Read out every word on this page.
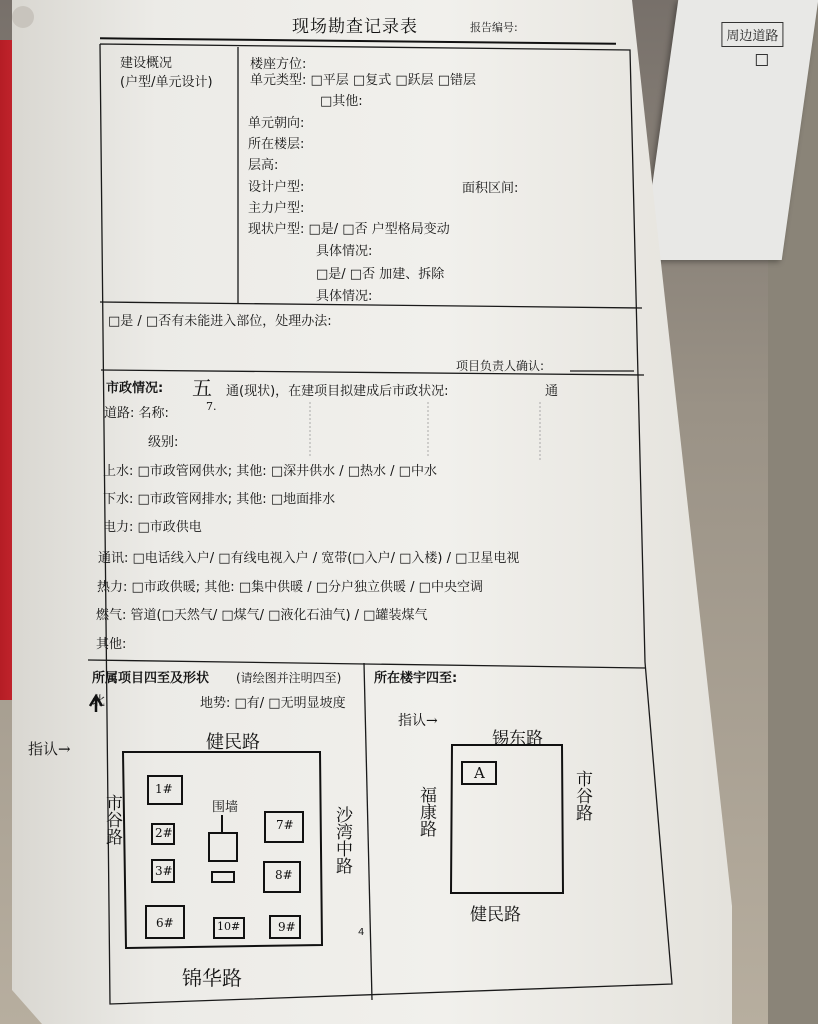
周边道路
现场勘查记录表	报告编号:
建设概况
(户型/单元设计)
楼座方位:
单元类型: □平层 □复式 □跃层 □错层
□其他:
单元朝向:
所在楼层:
层高:
设计户型:	面积区间:
主力户型:
现状户型: □是/ □否 户型格局变动
具体情况:
□是/ □否 加建、拆除
具体情况:
□是 / □否有未能进入部位，处理办法:
项目负责人确认:
市政情况: 五 通(现状)，在建项目拟建成后市政状况:	通
7.
道路: 名称:
级别:
上水: □市政管网供水; 其他: □深井供水 / □热水 / □中水
下水: □市政管网排水; 其他: □地面排水
电力: □市政供电
通讯: □电话线入户/ □有线电视入户 / 宽带(□入户/ □入楼) / □卫星电视
热力: □市政供暖; 其他: □集中供暖 / □分户独立供暖 / □中央空调
燃气: 管道(□天然气/ □煤气/ □液化石油气) / □罐装煤气
其他:
所属项目四至及形状 (请绘图并注明四至)	所在楼宇四至:
北	地势: □有/ □无明显坡度
健民路
锦华路
市谷路	沙湾中路
指认→
围墙
1#
2#
3#
7#
8#
6#	10#	9#
指认→
锡东路
健民路
福康路	市谷路
A
4
